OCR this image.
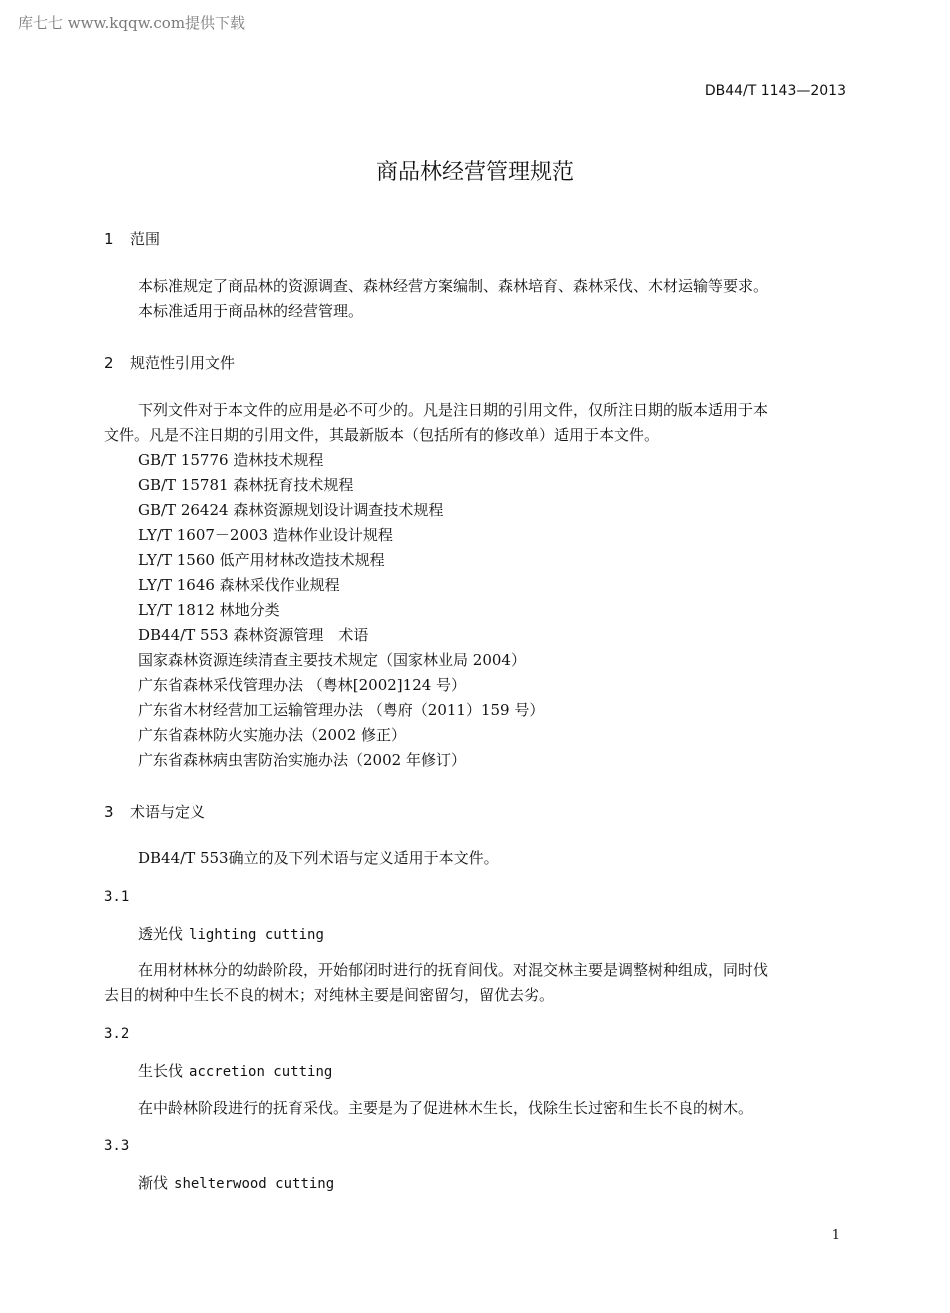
库七七 www.kqqw.com提供下载
DB44/T 1143—2013
商品林经营管理规范
1 范围
本标准规定了商品林的资源调查、森林经营方案编制、森林培育、森林采伐、木材运输等要求。
本标准适用于商品林的经营管理。
2 规范性引用文件
下列文件对于本文件的应用是必不可少的。凡是注日期的引用文件，仅所注日期的版本适用于本
文件。凡是不注日期的引用文件，其最新版本（包括所有的修改单）适用于本文件。
GB/T 15776 造林技术规程
GB/T 15781 森林抚育技术规程
GB/T 26424 森林资源规划设计调查技术规程
LY/T 1607－2003 造林作业设计规程
LY/T 1560 低产用材林改造技术规程
LY/T 1646 森林采伐作业规程
LY/T 1812 林地分类
DB44/T 553 森林资源管理　术语
国家森林资源连续清查主要技术规定（国家林业局 2004）
广东省森林采伐管理办法 （粤林[2002]124 号）
广东省木材经营加工运输管理办法 （粤府（2011）159 号）
广东省森林防火实施办法（2002 修正）
广东省森林病虫害防治实施办法（2002 年修订）
3 术语与定义
DB44/T 553确立的及下列术语与定义适用于本文件。
3.1
透光伐 lighting cutting
在用材林林分的幼龄阶段，开始郁闭时进行的抚育间伐。对混交林主要是调整树种组成，同时伐
去目的树种中生长不良的树木；对纯林主要是间密留匀，留优去劣。
3.2
生长伐 accretion cutting
在中龄林阶段进行的抚育采伐。主要是为了促进林木生长，伐除生长过密和生长不良的树木。
3.3
渐伐 shelterwood cutting
1
